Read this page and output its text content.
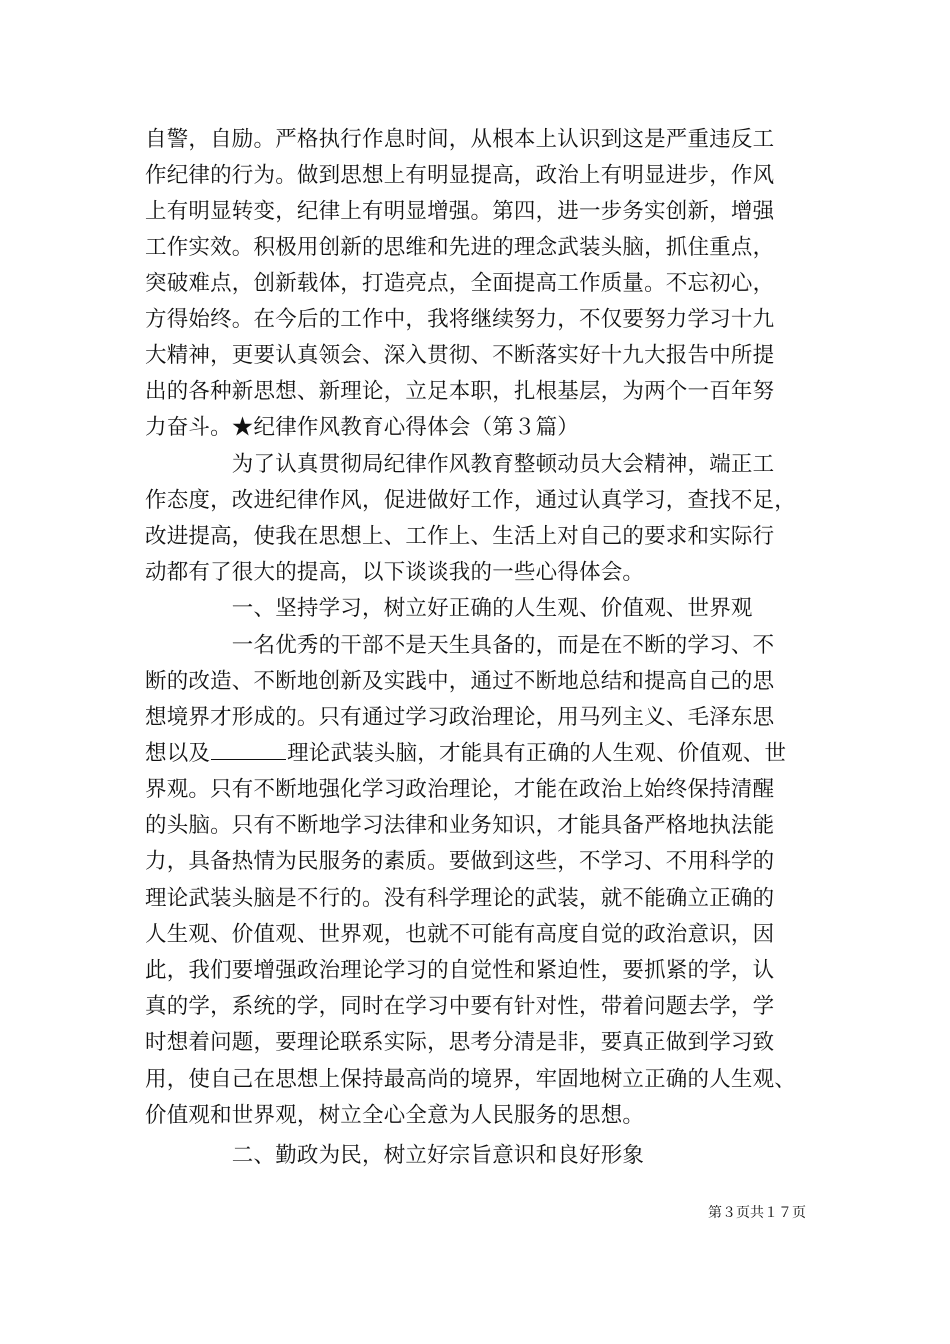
自警，自励。严格执行作息时间，从根本上认识到这是严重违反工
作纪律的行为。做到思想上有明显提高，政治上有明显进步，作风
上有明显转变，纪律上有明显增强。第四，进一步务实创新，增强
工作实效。积极用创新的思维和先进的理念武装头脑，抓住重点，
突破难点，创新载体，打造亮点，全面提高工作质量。不忘初心，
方得始终。在今后的工作中，我将继续努力，不仅要努力学习十九
大精神，更要认真领会、深入贯彻、不断落实好十九大报告中所提
出的各种新思想、新理论，立足本职，扎根基层，为两个一百年努
力奋斗。★纪律作风教育心得体会（第３篇）
　　　　为了认真贯彻局纪律作风教育整顿动员大会精神，端正工
作态度，改进纪律作风，促进做好工作，通过认真学习，查找不足，
改进提高，使我在思想上、工作上、生活上对自己的要求和实际行
动都有了很大的提高，以下谈谈我的一些心得体会。
　　　　一、坚持学习，树立好正确的人生观、价值观、世界观
　　　　一名优秀的干部不是天生具备的，而是在不断的学习、不
断的改造、不断地创新及实践中，通过不断地总结和提高自己的思
想境界才形成的。只有通过学习政治理论，用马列主义、毛泽东思
想以及	理论武装头脑，才能具有正确的人生观、价值观、世
界观。只有不断地强化学习政治理论，才能在政治上始终保持清醒
的头脑。只有不断地学习法律和业务知识，才能具备严格地执法能
力，具备热情为民服务的素质。要做到这些，不学习、不用科学的
理论武装头脑是不行的。没有科学理论的武装，就不能确立正确的
人生观、价值观、世界观，也就不可能有高度自觉的政治意识，因
此，我们要增强政治理论学习的自觉性和紧迫性，要抓紧的学，认
真的学，系统的学，同时在学习中要有针对性，带着问题去学，学
时想着问题，要理论联系实际，思考分清是非，要真正做到学习致
用，使自己在思想上保持最高尚的境界，牢固地树立正确的人生观、
价值观和世界观，树立全心全意为人民服务的思想。
　　　　二、勤政为民，树立好宗旨意识和良好形象
第３页共１７页
